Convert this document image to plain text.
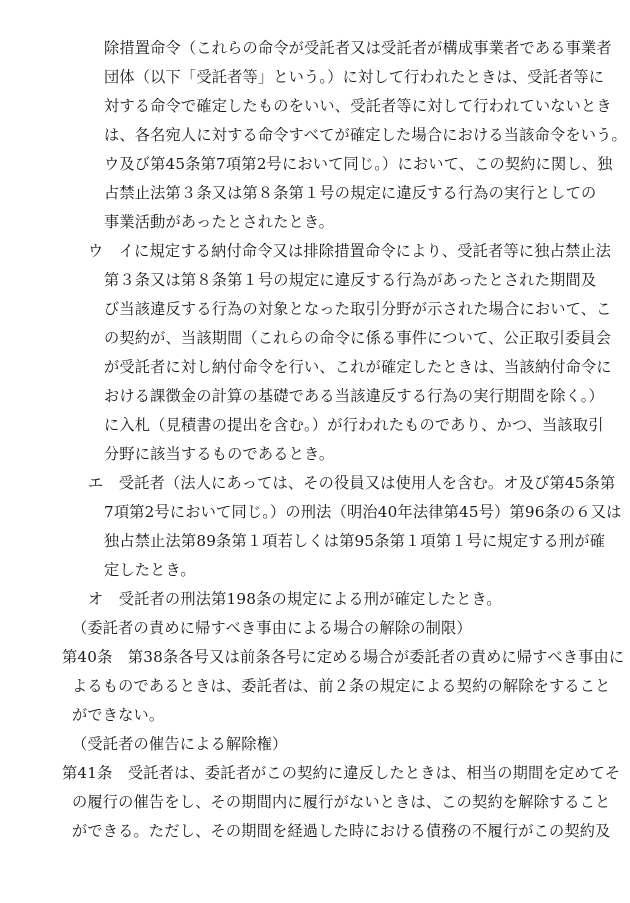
除措置命令（これらの命令が受託者又は受託者が構成事業者である事業者
団体（以下「受託者等」という。）に対して行われたときは、受託者等に
対する命令で確定したものをいい、受託者等に対して行われていないとき
は、各名宛人に対する命令すべてが確定した場合における当該命令をいう。
ウ及び第45条第7項第2号において同じ。）において、この契約に関し、独
占禁止法第３条又は第８条第１号の規定に違反する行為の実行としての
事業活動があったとされたとき。
ウ　イに規定する納付命令又は排除措置命令により、受託者等に独占禁止法
第３条又は第８条第１号の規定に違反する行為があったとされた期間及
び当該違反する行為の対象となった取引分野が示された場合において、こ
の契約が、当該期間（これらの命令に係る事件について、公正取引委員会
が受託者に対し納付命令を行い、これが確定したときは、当該納付命令に
おける課徴金の計算の基礎である当該違反する行為の実行期間を除く。）
に入札（見積書の提出を含む。）が行われたものであり、かつ、当該取引
分野に該当するものであるとき。
エ　受託者（法人にあっては、その役員又は使用人を含む。オ及び第45条第
7項第2号において同じ。）の刑法（明治40年法律第45号）第96条の６又は
独占禁止法第89条第１項若しくは第95条第１項第１号に規定する刑が確
定したとき。
オ　受託者の刑法第198条の規定による刑が確定したとき。
（委託者の責めに帰すべき事由による場合の解除の制限）
第40条　第38条各号又は前条各号に定める場合が委託者の責めに帰すべき事由に
よるものであるときは、委託者は、前２条の規定による契約の解除をすること
ができない。
（受託者の催告による解除権）
第41条　受託者は、委託者がこの契約に違反したときは、相当の期間を定めてそ
の履行の催告をし、その期間内に履行がないときは、この契約を解除すること
ができる。ただし、その期間を経過した時における債務の不履行がこの契約及
